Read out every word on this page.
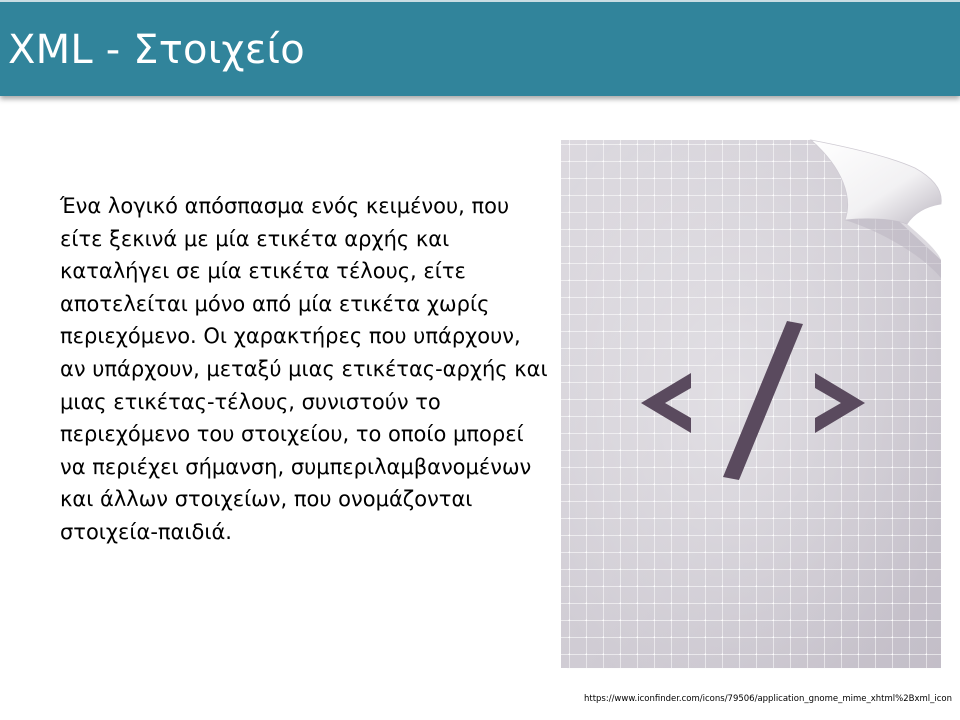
XML - Στοιχείο

Ένα λογικό απόσπασμα ενός κειμένου, που είτε ξεκινά με μία ετικέτα αρχής και καταλήγει σε μία ετικέτα τέλους, είτε αποτελείται μόνο από μία ετικέτα χωρίς περιεχόμενο. Οι χαρακτήρες που υπάρχουν, αν υπάρχουν, μεταξύ μιας ετικέτας-αρχής και μιας ετικέτας-τέλους, συνιστούν το περιεχόμενο του στοιχείου, το οποίο μπορεί να περιέχει σήμανση, συμπεριλαμβανομένων και άλλων στοιχείων, που ονομάζονται στοιχεία-παιδιά.

https://www.iconfinder.com/icons/79506/application_gnome_mime_xhtml%2Bxml_icon
